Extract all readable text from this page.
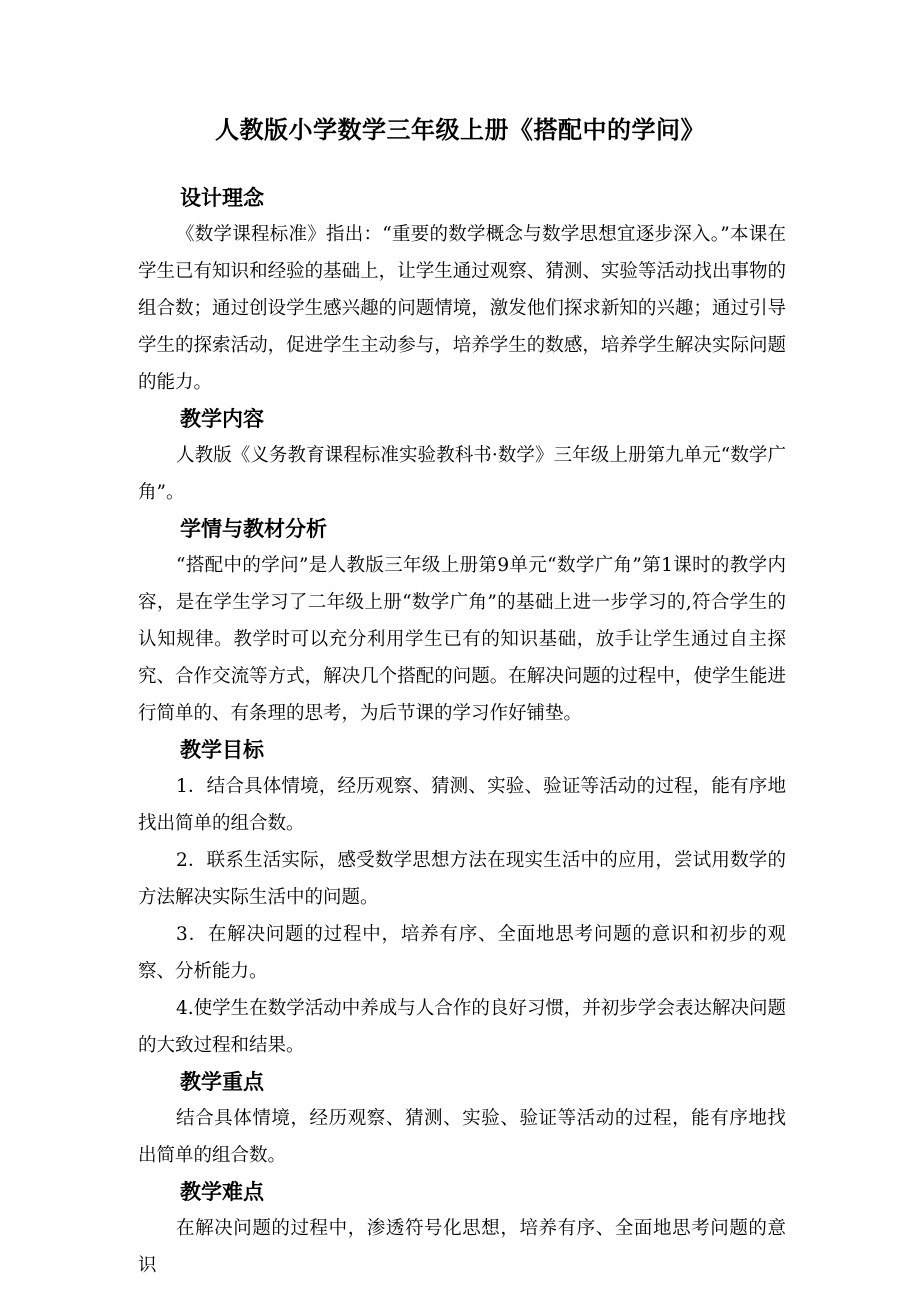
人教版小学数学三年级上册《搭配中的学问》
设计理念

《数学课程标准》指出：“重要的数学概念与数学思想宜逐步深入。”本课在学生已有知识和经验的基础上，让学生通过观察、猜测、实验等活动找出事物的组合数；通过创设学生感兴趣的问题情境，激发他们探求新知的兴趣；通过引导学生的探索活动，促进学生主动参与，培养学生的数感，培养学生解决实际问题的能力。

教学内容

人教版《义务教育课程标准实验教科书·数学》三年级上册第九单元“数学广角”。

学情与教材分析

“搭配中的学问”是人教版三年级上册第9单元“数学广角”第1课时的教学内容，是在学生学习了二年级上册“数学广角”的基础上进一步学习的,符合学生的认知规律。教学时可以充分利用学生已有的知识基础，放手让学生通过自主探究、合作交流等方式，解决几个搭配的问题。在解决问题的过程中，使学生能进行简单的、有条理的思考，为后节课的学习作好铺垫。

教学目标

1．结合具体情境，经历观察、猜测、实验、验证等活动的过程，能有序地找出简单的组合数。

2．联系生活实际，感受数学思想方法在现实生活中的应用，尝试用数学的方法解决实际生活中的问题。

3．在解决问题的过程中，培养有序、全面地思考问题的意识和初步的观察、分析能力。

4.使学生在数学活动中养成与人合作的良好习惯，并初步学会表达解决问题的大致过程和结果。

教学重点

结合具体情境，经历观察、猜测、实验、验证等活动的过程，能有序地找出简单的组合数。

教学难点

在解决问题的过程中，渗透符号化思想，培养有序、全面地思考问题的意识
